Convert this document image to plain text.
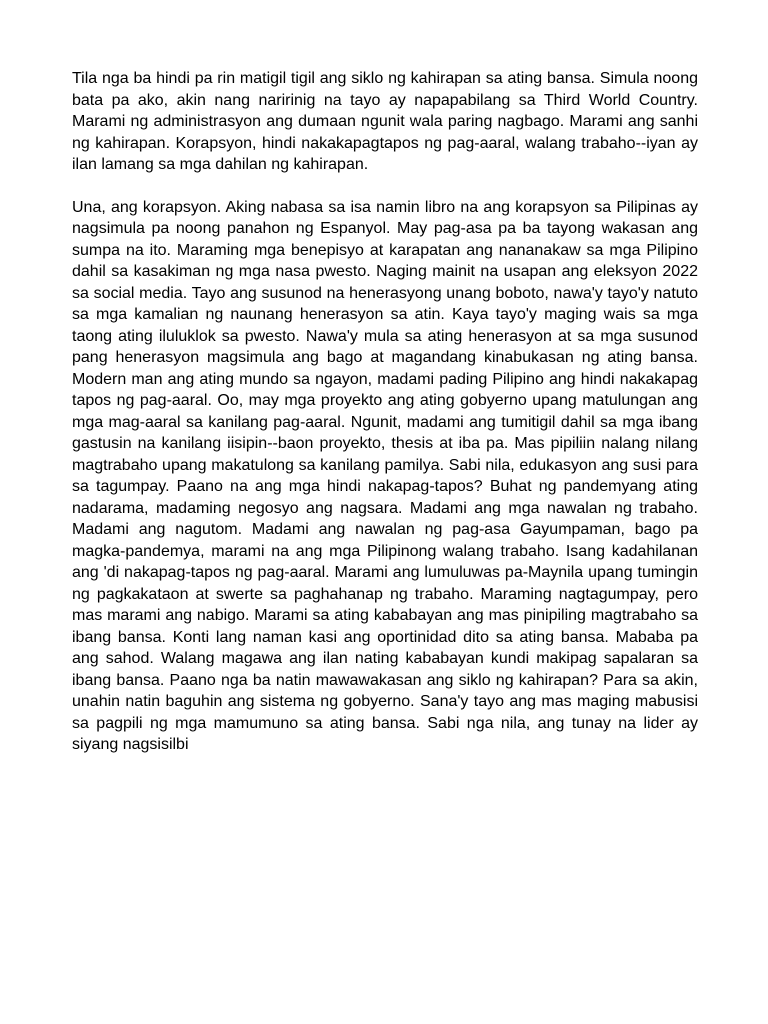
Tila nga ba hindi pa rin matigil tigil ang siklo ng kahirapan sa ating bansa. Simula noong bata pa ako, akin nang naririnig na tayo ay napapabilang sa Third World Country. Marami ng administrasyon ang dumaan ngunit wala paring nagbago. Marami ang sanhi ng kahirapan. Korapsyon, hindi nakakapagtapos ng pag-aaral, walang trabaho--iyan ay ilan lamang sa mga dahilan ng kahirapan.

Una, ang korapsyon. Aking nabasa sa isa namin libro na ang korapsyon sa Pilipinas ay nagsimula pa noong panahon ng Espanyol. May pag-asa pa ba tayong wakasan ang sumpa na ito. Maraming mga benepisyo at karapatan ang nananakaw sa mga Pilipino dahil sa kasakiman ng mga nasa pwesto. Naging mainit na usapan ang eleksyon 2022 sa social media. Tayo ang susunod na henerasyong unang boboto, nawa'y tayo'y natuto sa mga kamalian ng naunang henerasyon sa atin. Kaya tayo'y maging wais sa mga taong ating iluluklok sa pwesto. Nawa'y mula sa ating henerasyon at sa mga susunod pang henerasyon magsimula ang bago at magandang kinabukasan ng ating bansa. Modern man ang ating mundo sa ngayon, madami pading Pilipino ang hindi nakakapag tapos ng pag-aaral. Oo, may mga proyekto ang ating gobyerno upang matulungan ang mga mag-aaral sa kanilang pag-aaral. Ngunit, madami ang tumitigil dahil sa mga ibang gastusin na kanilang iisipin--baon proyekto, thesis at iba pa. Mas pipiliin nalang nilang magtrabaho upang makatulong sa kanilang pamilya. Sabi nila, edukasyon ang susi para sa tagumpay. Paano na ang mga hindi nakapag-tapos? Buhat ng pandemyang ating nadarama, madaming negosyo ang nagsara. Madami ang mga nawalan ng trabaho. Madami ang nagutom. Madami ang nawalan ng pag-asa Gayumpaman, bago pa magka-pandemya, marami na ang mga Pilipinong walang trabaho. Isang kadahilanan ang 'di nakapag-tapos ng pag-aaral. Marami ang lumuluwas pa-Maynila upang tumingin ng pagkakataon at swerte sa paghahanap ng trabaho. Maraming nagtagumpay, pero mas marami ang nabigo. Marami sa ating kababayan ang mas pinipiling magtrabaho sa ibang bansa. Konti lang naman kasi ang oportinidad dito sa ating bansa. Mababa pa ang sahod. Walang magawa ang ilan nating kababayan kundi makipag sapalaran sa ibang bansa. Paano nga ba natin mawawakasan ang siklo ng kahirapan? Para sa akin, unahin natin baguhin ang sistema ng gobyerno. Sana'y tayo ang mas maging mabusisi sa pagpili ng mga mamumuno sa ating bansa. Sabi nga nila, ang tunay na lider ay siyang nagsisilbi
